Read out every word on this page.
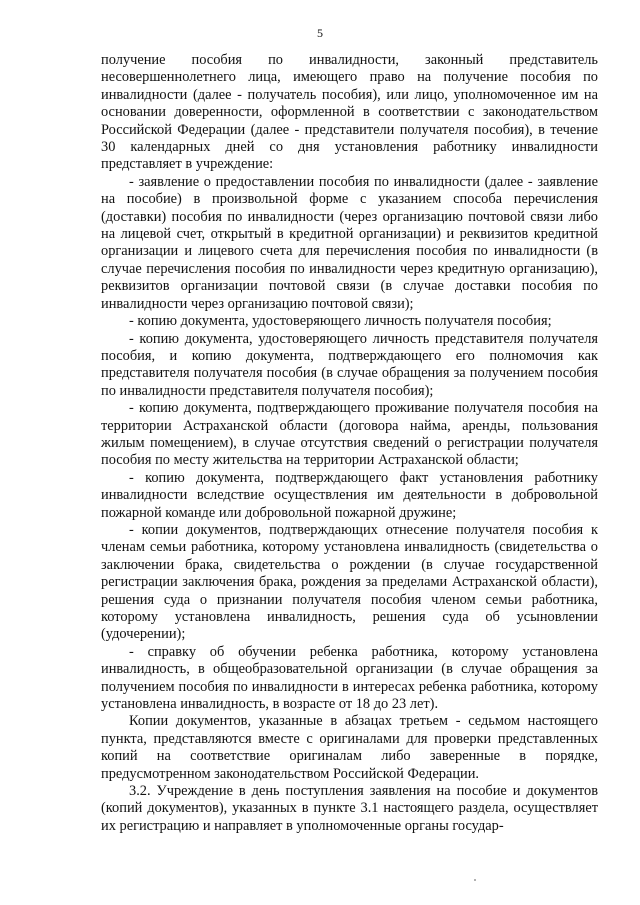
5

получение пособия по инвалидности, законный представитель несовершеннолетнего лица, имеющего право на получение пособия по инвалидности (далее - получатель пособия), или лицо, уполномоченное им на основании доверенности, оформленной в соответствии с законодательством Российской Федерации (далее - представители получателя пособия), в течение 30 календарных дней со дня установления работнику инвалидности представляет в учреждение:

- заявление о предоставлении пособия по инвалидности (далее - заявление на пособие) в произвольной форме с указанием способа перечисления (доставки) пособия по инвалидности (через организацию почтовой связи либо на лицевой счет, открытый в кредитной организации) и реквизитов кредитной организации и лицевого счета для перечисления пособия по инвалидности (в случае перечисления пособия по инвалидности через кредитную организацию), реквизитов организации почтовой связи (в случае доставки пособия по инвалидности через организацию почтовой связи);

- копию документа, удостоверяющего личность получателя пособия;

- копию документа, удостоверяющего личность представителя получателя пособия, и копию документа, подтверждающего его полномочия как представителя получателя пособия (в случае обращения за получением пособия по инвалидности представителя получателя пособия);

- копию документа, подтверждающего проживание получателя пособия на территории Астраханской области (договора найма, аренды, пользования жилым помещением), в случае отсутствия сведений о регистрации получателя пособия по месту жительства на территории Астраханской области;

- копию документа, подтверждающего факт установления работнику инвалидности вследствие осуществления им деятельности в добровольной пожарной команде или добровольной пожарной дружине;

- копии документов, подтверждающих отнесение получателя пособия к членам семьи работника, которому установлена инвалидность (свидетельства о заключении брака, свидетельства о рождении (в случае государственной регистрации заключения брака, рождения за пределами Астраханской области), решения суда о признании получателя пособия членом семьи работника, которому установлена инвалидность, решения суда об усыновлении (удочерении);

- справку об обучении ребенка работника, которому установлена инвалидность, в общеобразовательной организации (в случае обращения за получением пособия по инвалидности в интересах ребенка работника, которому установлена инвалидность, в возрасте от 18 до 23 лет).

Копии документов, указанные в абзацах третьем - седьмом настоящего пункта, представляются вместе с оригиналами для проверки представленных копий на соответствие оригиналам либо заверенные в порядке, предусмотренном законодательством Российской Федерации.

3.2. Учреждение в день поступления заявления на пособие и документов (копий документов), указанных в пункте 3.1 настоящего раздела, осуществляет их регистрацию и направляет в уполномоченные органы государ-
